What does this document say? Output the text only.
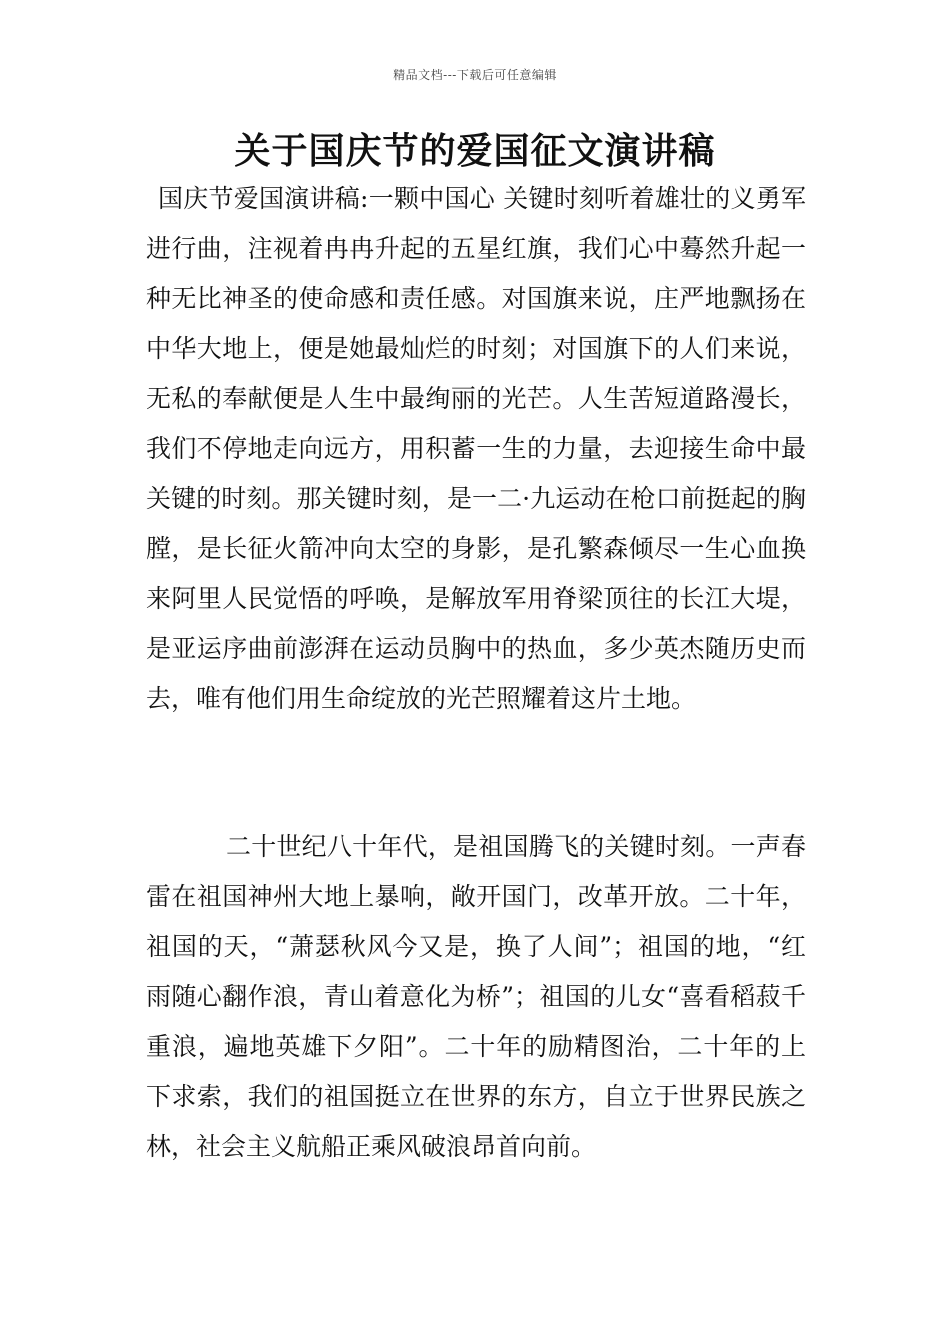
精品文档---下载后可任意编辑
关于国庆节的爱国征文演讲稿

国庆节爱国演讲稿:一颗中国心 关键时刻听着雄壮的义勇军进行曲，注视着冉冉升起的五星红旗，我们心中蓦然升起一种无比神圣的使命感和责任感。对国旗来说，庄严地飘扬在中华大地上，便是她最灿烂的时刻；对国旗下的人们来说，无私的奉献便是人生中最绚丽的光芒。人生苦短道路漫长，我们不停地走向远方，用积蓄一生的力量，去迎接生命中最关键的时刻。那关键时刻，是一二·九运动在枪口前挺起的胸膛，是长征火箭冲向太空的身影，是孔繁森倾尽一生心血换来阿里人民觉悟的呼唤，是解放军用脊梁顶往的长江大堤，是亚运序曲前澎湃在运动员胸中的热血，多少英杰随历史而去，唯有他们用生命绽放的光芒照耀着这片土地。

二十世纪八十年代，是祖国腾飞的关键时刻。一声春雷在祖国神州大地上暴响，敞开国门，改革开放。二十年，祖国的天，“萧瑟秋风今又是，换了人间”；祖国的地，“红雨随心翻作浪，青山着意化为桥”；祖国的儿女“喜看稻菽千重浪，遍地英雄下夕阳”。二十年的励精图治，二十年的上下求索，我们的祖国挺立在世界的东方，自立于世界民族之林，社会主义航船正乘风破浪昂首向前。
